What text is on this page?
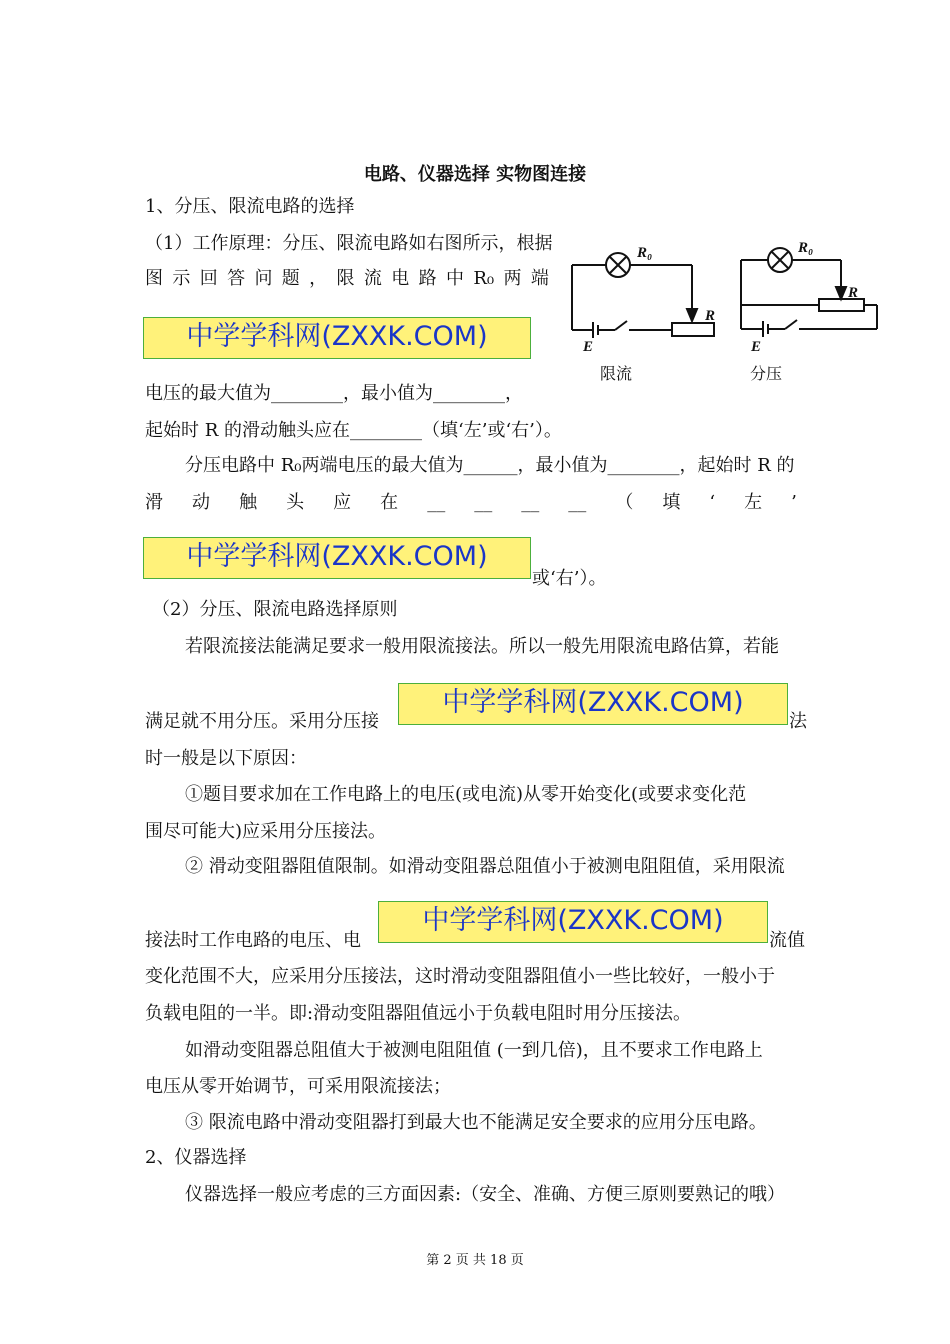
电路、仪器选择 实物图连接
1、分压、限流电路的选择
（1）工作原理：分压、限流电路如右图所示，根据
图 示 回 答 问 题 ， 限 流 电 路 中 R₀ 两 端
中学学科网(ZXXK.COM)
电压的最大值为________，最小值为________，
起始时 R 的滑动触头应在________（填‘左’或‘右’）。
分压电路中 R₀两端电压的最大值为______，最小值为________，起始时 R 的
滑 动 触 头 应 在 __ __ __ __ （ 填 ‘ 左 ’
中学学科网(ZXXK.COM)
或‘右’）。
R₀
R
E
R₀
R
E
限流	分压
（2）分压、限流电路选择原则
若限流接法能满足要求一般用限流接法。所以一般先用限流电路估算，若能
满足就不用分压。采用分压接
中学学科网(ZXXK.COM)
法
时一般是以下原因：
①题目要求加在工作电路上的电压(或电流)从零开始变化(或要求变化范
围尽可能大)应采用分压接法。
② 滑动变阻器阻值限制。如滑动变阻器总阻值小于被测电阻阻值，采用限流
接法时工作电路的电压、电
中学学科网(ZXXK.COM)
流值
变化范围不大，应采用分压接法，这时滑动变阻器阻值小一些比较好，一般小于
负载电阻的一半。即:滑动变阻器阻值远小于负载电阻时用分压接法。
如滑动变阻器总阻值大于被测电阻阻值 (一到几倍)，且不要求工作电路上
电压从零开始调节，可采用限流接法；
③ 限流电路中滑动变阻器打到最大也不能满足安全要求的应用分压电路。
2、仪器选择
仪器选择一般应考虑的三方面因素:（安全、准确、方便三原则要熟记的哦）
第 2 页 共 18 页
